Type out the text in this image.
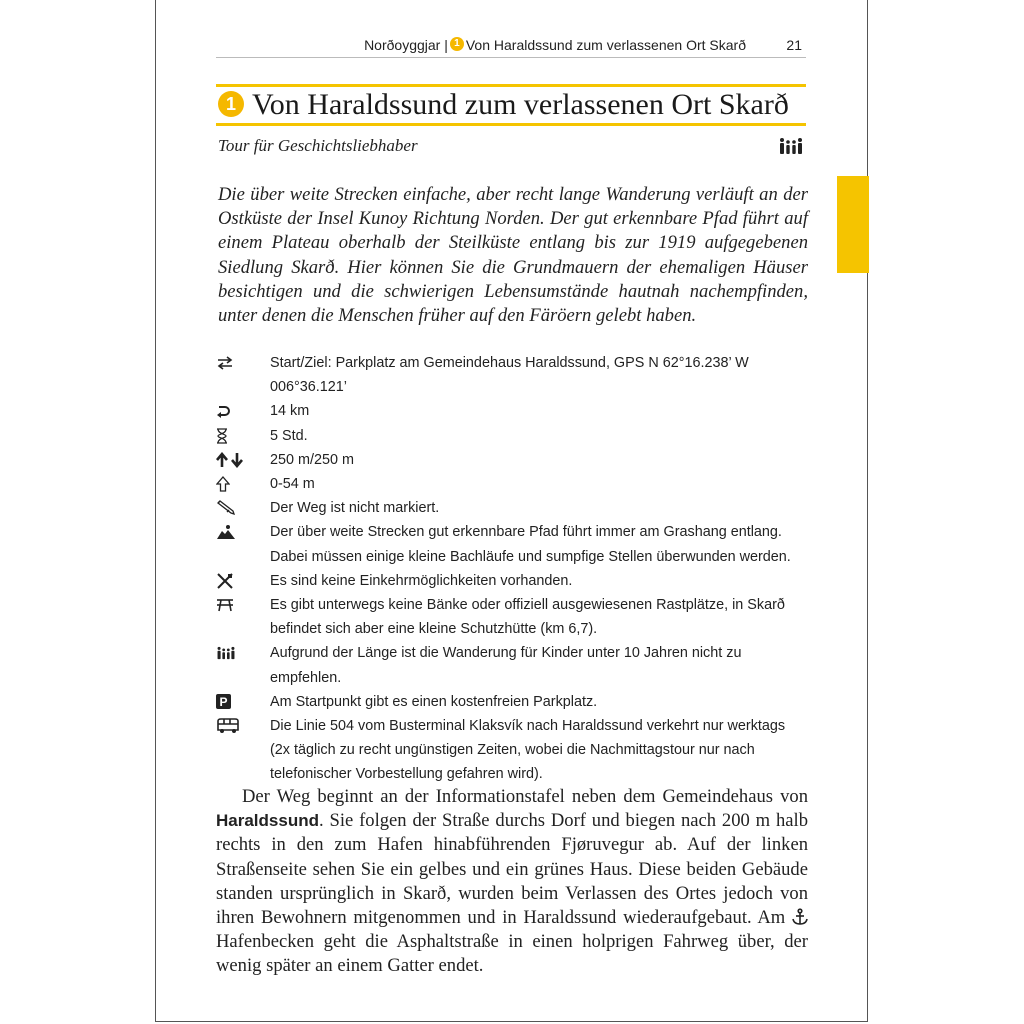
Norðoyggjar | 1 Von Haraldssund zum verlassenen Ort Skarð	21
1 Von Haraldssund zum verlassenen Ort Skarð
Tour für Geschichtsliebhaber
Die über weite Strecken einfache, aber recht lange Wanderung verläuft an der Ostküste der Insel Kunoy Richtung Norden. Der gut erkennbare Pfad führt auf einem Plateau oberhalb der Steilküste entlang bis zur 1919 aufgegebenen Siedlung Skarð. Hier können Sie die Grundmauern der ehemaligen Häuser besichtigen und die schwierigen Lebensumstände hautnah nachempfinden, unter denen die Menschen früher auf den Färöern gelebt haben.
Start/Ziel: Parkplatz am Gemeindehaus Haraldssund, GPS N 62°16.238’ W 006°36.121’
14 km
5 Std.
250 m/250 m
0-54 m
Der Weg ist nicht markiert.
Der über weite Strecken gut erkennbare Pfad führt immer am Grashang entlang. Dabei müssen einige kleine Bachläufe und sumpfige Stellen überwunden werden.
Es sind keine Einkehrmöglichkeiten vorhanden.
Es gibt unterwegs keine Bänke oder offiziell ausgewiesenen Rastplätze, in Skarð befindet sich aber eine kleine Schutzhütte (km 6,7).
Aufgrund der Länge ist die Wanderung für Kinder unter 10 Jahren nicht zu empfehlen.
P	Am Startpunkt gibt es einen kostenfreien Parkplatz.
Die Linie 504 vom Busterminal Klaksvík nach Haraldssund verkehrt nur werktags (2x täglich zu recht ungünstigen Zeiten, wobei die Nachmittagstour nur nach telefonischer Vorbestellung gefahren wird).

Der Weg beginnt an der Informationstafel neben dem Gemeindehaus von Haraldssund. Sie folgen der Straße durchs Dorf und biegen nach 200 m halb rechts in den zum Hafen hinabführenden Fjøruvegur ab. Auf der linken Straßenseite sehen Sie ein gelbes und ein grünes Haus. Diese beiden Gebäude standen ursprünglich in Skarð, wurden beim Verlassen des Ortes jedoch von ihren Bewohnern mitgenommen und in Haraldssund wiederaufgebaut. Am  Hafenbecken geht die Asphaltstraße in einen holprigen Fahrweg über, der wenig später an einem Gatter endet.
